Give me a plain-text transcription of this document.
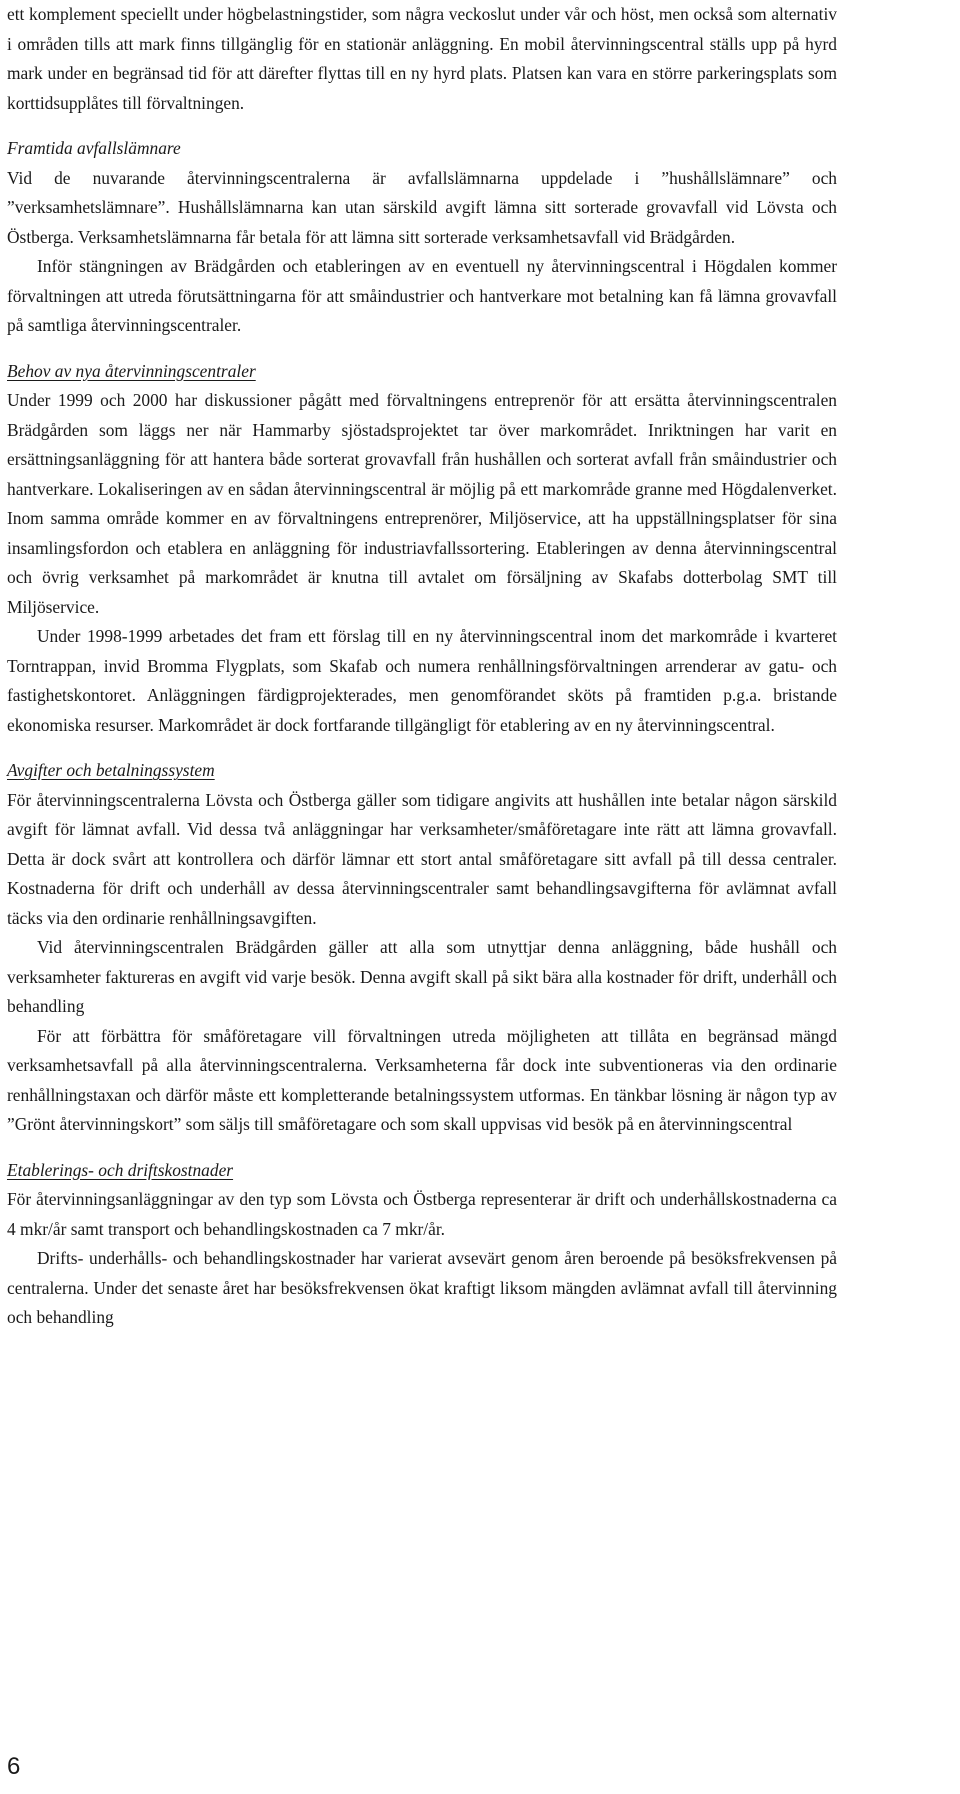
ett komplement speciellt under högbelastningstider, som några veckoslut under vår och höst, men också som alternativ i områden tills att mark finns tillgänglig för en stationär anläggning. En mobil återvinningscentral ställs upp på hyrd mark under en begränsad tid för att därefter flyttas till en ny hyrd plats. Platsen kan vara en större parkeringsplats som korttidsupplåtes till förvaltningen.

Framtida avfallslämnare

Vid de nuvarande återvinningscentralerna är avfallslämnarna uppdelade i ”hushållslämnare” och ”verksamhetslämnare”. Hushållslämnarna kan utan särskild avgift lämna sitt sorterade grovavfall vid Lövsta och Östberga. Verksamhetslämnarna får betala för att lämna sitt sorterade verksamhetsavfall vid Brädgården.

Inför stängningen av Brädgården och etableringen av en eventuell ny återvinningscentral i Högdalen kommer förvaltningen att utreda förutsättningarna för att småindustrier och hantverkare mot betalning kan få lämna grovavfall på samtliga återvinningscentraler.

Behov av nya återvinningscentraler

Under 1999 och 2000 har diskussioner pågått med förvaltningens entreprenör för att ersätta återvinningscentralen Brädgården som läggs ner när Hammarby sjöstadsprojektet tar över markområdet. Inriktningen har varit en ersättningsanläggning för att hantera både sorterat grovavfall från hushållen och sorterat avfall från småindustrier och hantverkare. Lokaliseringen av en sådan återvinningscentral är möjlig på ett markområde granne med Högdalenverket. Inom samma område kommer en av förvaltningens entreprenörer, Miljöservice, att ha uppställningsplatser för sina insamlingsfordon och etablera en anläggning för industriavfallssortering. Etableringen av denna återvinningscentral och övrig verksamhet på markområdet är knutna till avtalet om försäljning av Skafabs dotterbolag SMT till Miljöservice.

Under 1998-1999 arbetades det fram ett förslag till en ny återvinningscentral inom det markområde i kvarteret Torntrappan, invid Bromma Flygplats, som Skafab och numera renhållningsförvaltningen arrenderar av gatu- och fastighetskontoret. Anläggningen färdigprojekterades, men genomförandet sköts på framtiden p.g.a. bristande ekonomiska resurser. Markområdet är dock fortfarande tillgängligt för etablering av en ny återvinningscentral.

Avgifter och betalningssystem

För återvinningscentralerna Lövsta och Östberga gäller som tidigare angivits att hushållen inte betalar någon särskild avgift för lämnat avfall. Vid dessa två anläggningar har verksamheter/småföretagare inte rätt att lämna grovavfall. Detta är dock svårt att kontrollera och därför lämnar ett stort antal småföretagare sitt avfall på till dessa centraler. Kostnaderna för drift och underhåll av dessa återvinningscentraler samt behandlingsavgifterna för avlämnat avfall täcks via den ordinarie renhållningsavgiften.

Vid återvinningscentralen Brädgården gäller att alla som utnyttjar denna anläggning, både hushåll och verksamheter faktureras en avgift vid varje besök. Denna avgift skall på sikt bära alla kostnader för drift, underhåll och behandling

För att förbättra för småföretagare vill förvaltningen utreda möjligheten att tillåta en begränsad mängd verksamhetsavfall på alla återvinningscentralerna. Verksamheterna får dock inte subventioneras via den ordinarie renhållningstaxan och därför måste ett kompletterande betalningssystem utformas. En tänkbar lösning är någon typ av ”Grönt återvinningskort” som säljs till småföretagare och som skall uppvisas vid besök på en återvinningscentral

Etablerings- och driftskostnader

För återvinningsanläggningar av den typ som Lövsta och Östberga representerar är drift och underhållskostnaderna ca 4 mkr/år samt transport och behandlingskostnaden ca 7 mkr/år.

Drifts- underhålls- och behandlingskostnader har varierat avsevärt genom åren beroende på besöksfrekvensen på centralerna. Under det senaste året har besöksfrekvensen ökat kraftigt liksom mängden avlämnat avfall till återvinning och behandling

6
